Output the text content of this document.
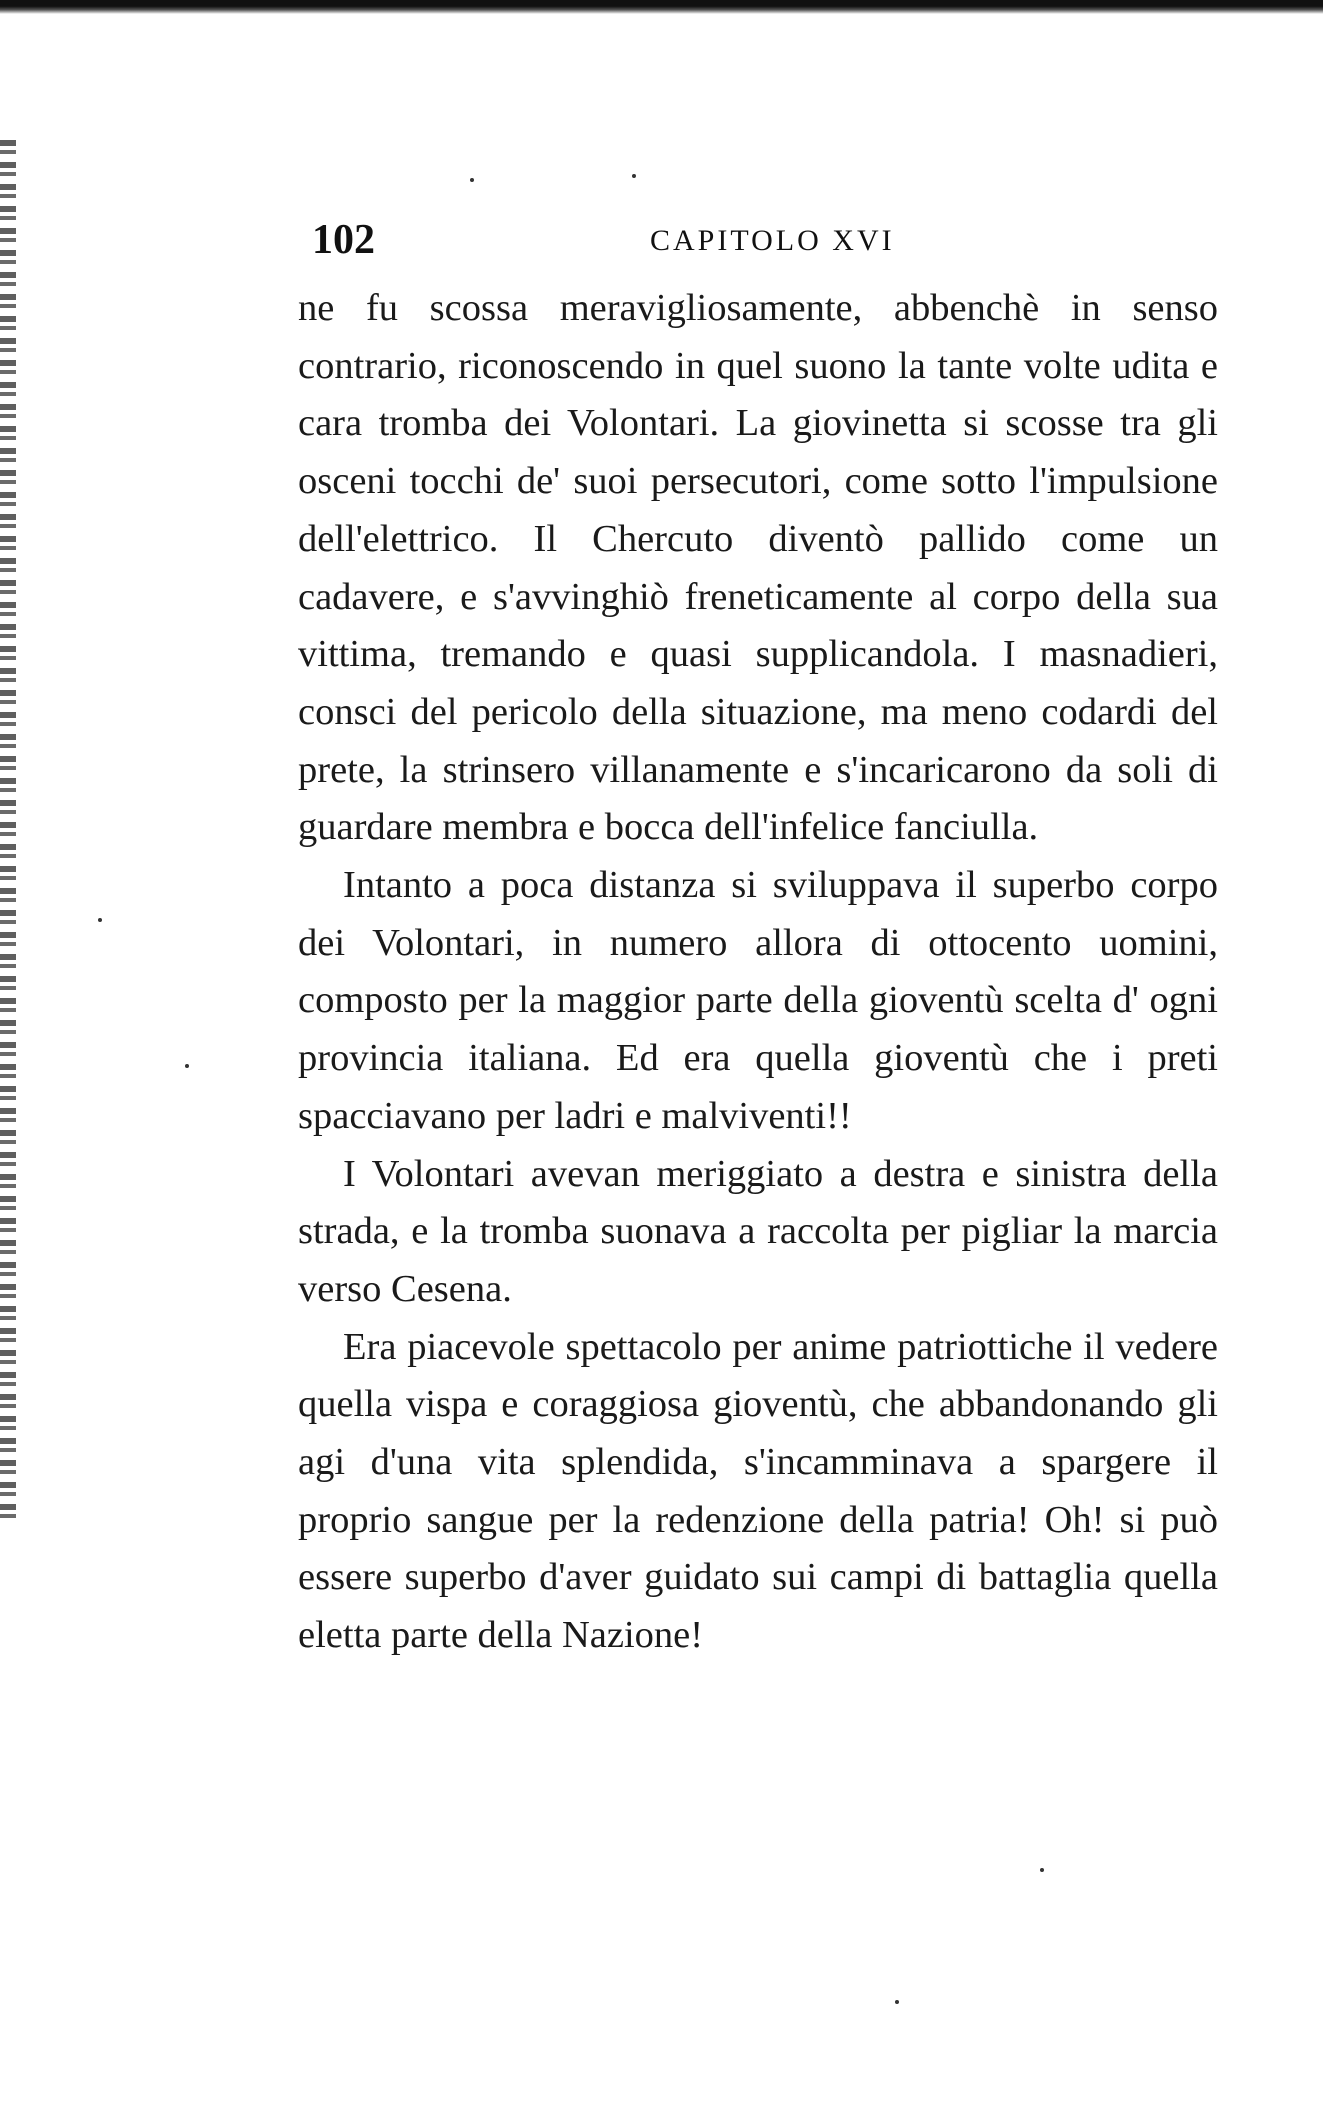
102	CAPITOLO XVI

ne fu scossa meravigliosamente, abbenchè in senso contrario, riconoscendo in quel suono la tante volte udita e cara tromba dei Volontari. La giovinetta si scosse tra gli osceni tocchi de' suoi persecutori, come sotto l'impulsione dell'elettrico. Il Chercuto diventò pallido come un cadavere, e s'avvinghiò freneticamente al corpo della sua vittima, tremando e quasi supplicandola. I masnadieri, consci del pericolo della situazione, ma meno codardi del prete, la strinsero villanamente e s'incaricarono da soli di guardare membra e bocca dell'infelice fanciulla.

Intanto a poca distanza si sviluppava il superbo corpo dei Volontari, in numero allora di ottocento uomini, composto per la maggior parte della gioventù scelta d' ogni provincia italiana. Ed era quella gioventù che i preti spacciavano per ladri e malviventi!!

I Volontari avevan meriggiato a destra e sinistra della strada, e la tromba suonava a raccolta per pigliar la marcia verso Cesena.

Era piacevole spettacolo per anime patriottiche il vedere quella vispa e coraggiosa gioventù, che abbandonando gli agi d'una vita splendida, s'incamminava a spargere il proprio sangue per la redenzione della patria! Oh! si può essere superbo d'aver guidato sui campi di battaglia quella eletta parte della Nazione!
